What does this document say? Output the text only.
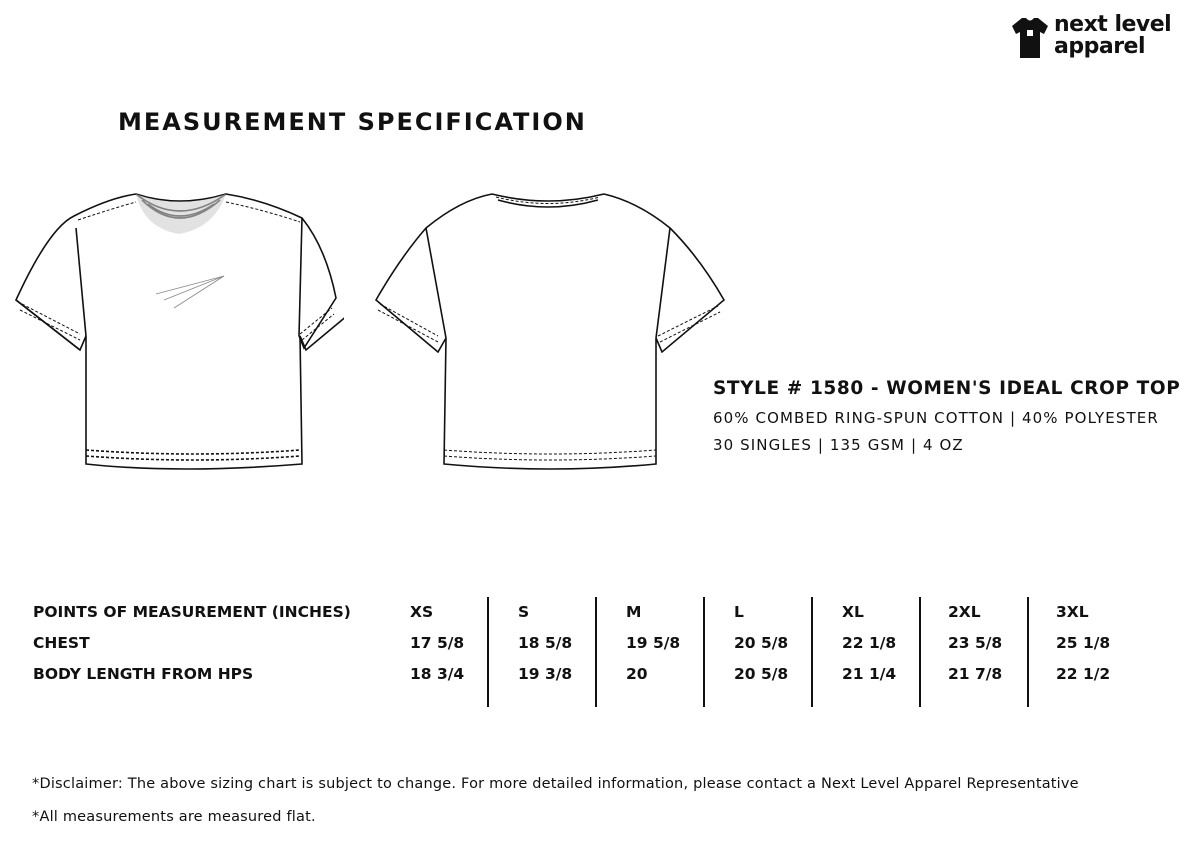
next level
apparel
MEASUREMENT SPECIFICATION
STYLE # 1580 - WOMEN'S IDEAL CROP TOP
60% COMBED RING-SPUN COTTON | 40% POLYESTER
30 SINGLES | 135 GSM | 4 OZ
POINTS OF MEASUREMENT (INCHES)
CHEST
BODY LENGTH FROM HPS
XS
17 5/8
18 3/4
S
18 5/8
19 3/8
M
19 5/8
20
L
20 5/8
20 5/8
XL
22 1/8
21 1/4
2XL
23 5/8
21 7/8
3XL
25 1/8
22 1/2
*Disclaimer: The above sizing chart is subject to change. For more detailed information, please contact a Next Level Apparel Representative
*All measurements are measured flat.
